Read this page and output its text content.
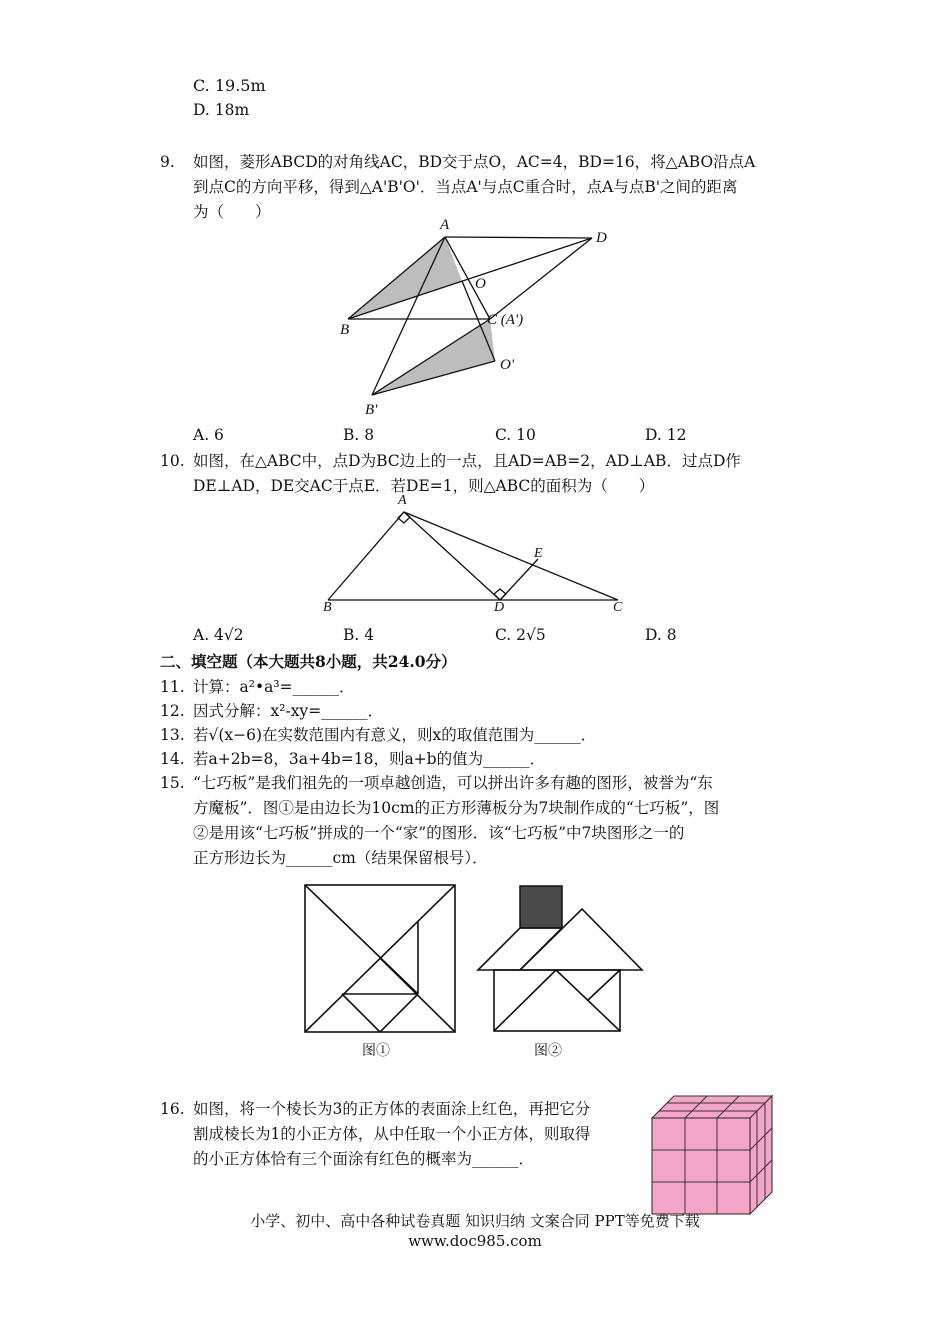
C. 19.5m
D. 18m
9.	如图，菱形ABCD的对角线AC，BD交于点O，AC=4，BD=16，将△ABO沿点A
到点C的方向平移，得到△A'B'O'．当点A'与点C重合时，点A与点B'之间的距离
为（　　）
A
D
O
B
C (A')
O'
B'
A. 6	B. 8	C. 10	D. 12
10. 如图，在△ABC中，点D为BC边上的一点，且AD=AB=2，AD⊥AB．过点D作
DE⊥AD，DE交AC于点E．若DE=1，则△ABC的面积为（　　）
A
B	D	C
E
A. 4√2	B. 4	C. 2√5	D. 8
二、填空题（本大题共8小题，共24.0分）
11. 计算：a²•a³=______．
12. 因式分解：x²-xy=______．
13. 若√(x−6)在实数范围内有意义，则x的取值范围为______．
14. 若a+2b=8，3a+4b=18，则a+b的值为______．
15. “七巧板”是我们祖先的一项卓越创造，可以拼出许多有趣的图形，被誉为“东
方魔板”．图①是由边长为10cm的正方形薄板分为7块制作成的“七巧板”，图
②是用该“七巧板”拼成的一个“家”的图形．该“七巧板”中7块图形之一的
正方形边长为______cm（结果保留根号）．
图①	图②
16. 如图，将一个棱长为3的正方体的表面涂上红色，再把它分
割成棱长为1的小正方体，从中任取一个小正方体，则取得
的小正方体恰有三个面涂有红色的概率为______．
小学、初中、高中各种试卷真题 知识归纳 文案合同 PPT等免费下载
www.doc985.com
